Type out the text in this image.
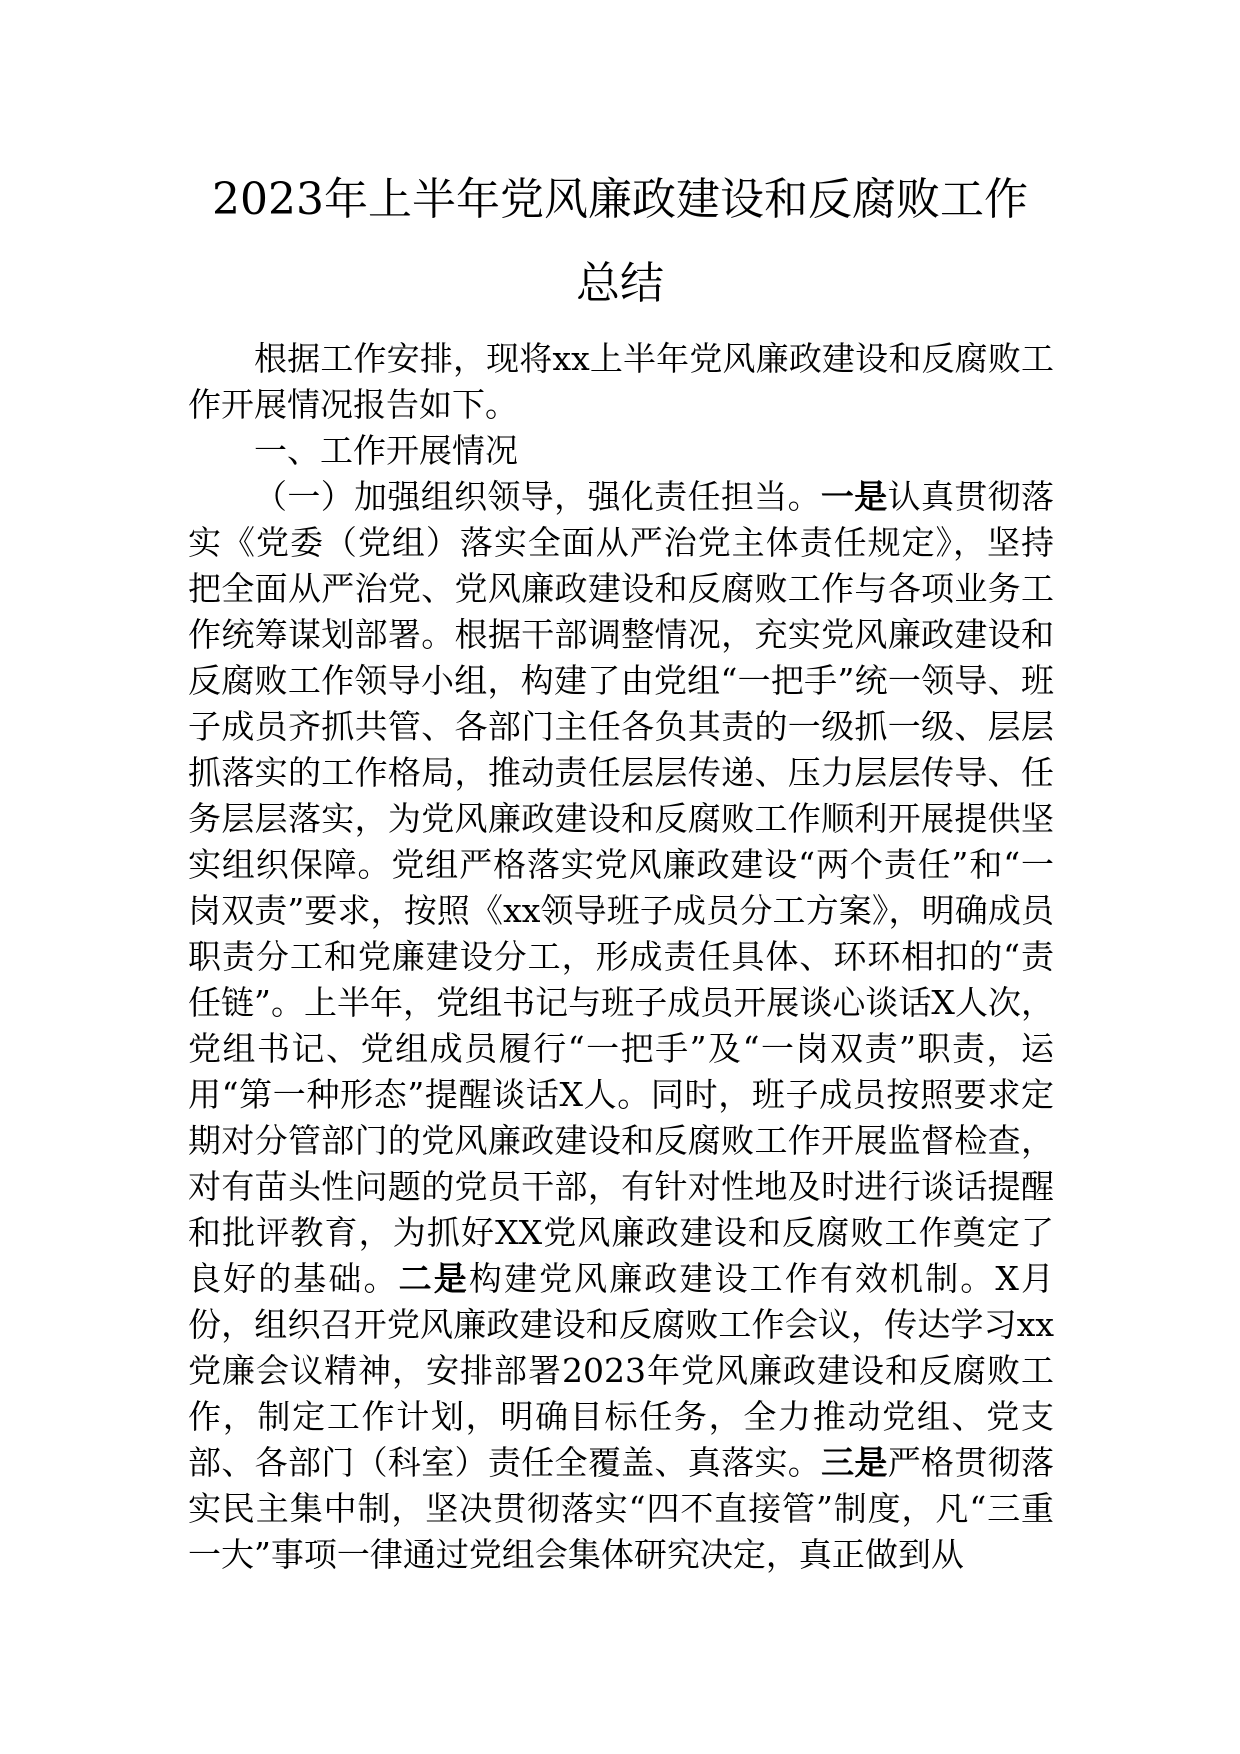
2023年上半年党风廉政建设和反腐败工作
总结

根据工作安排，现将xx上半年党风廉政建设和反腐败工作开展情况报告如下。

一、工作开展情况

（一）加强组织领导，强化责任担当。一是认真贯彻落实《党委（党组）落实全面从严治党主体责任规定》，坚持把全面从严治党、党风廉政建设和反腐败工作与各项业务工作统筹谋划部署。根据干部调整情况，充实党风廉政建设和反腐败工作领导小组，构建了由党组“一把手”统一领导、班子成员齐抓共管、各部门主任各负其责的一级抓一级、层层抓落实的工作格局，推动责任层层传递、压力层层传导、任务层层落实，为党风廉政建设和反腐败工作顺利开展提供坚实组织保障。党组严格落实党风廉政建设“两个责任”和“一岗双责”要求，按照《xx领导班子成员分工方案》，明确成员职责分工和党廉建设分工，形成责任具体、环环相扣的“责任链”。上半年，党组书记与班子成员开展谈心谈话X人次，党组书记、党组成员履行“一把手”及“一岗双责”职责，运用“第一种形态”提醒谈话X人。同时，班子成员按照要求定期对分管部门的党风廉政建设和反腐败工作开展监督检查，对有苗头性问题的党员干部，有针对性地及时进行谈话提醒和批评教育，为抓好XX党风廉政建设和反腐败工作奠定了良好的基础。二是构建党风廉政建设工作有效机制。X月份，组织召开党风廉政建设和反腐败工作会议，传达学习xx党廉会议精神，安排部署2023年党风廉政建设和反腐败工作，制定工作计划，明确目标任务，全力推动党组、党支部、各部门（科室）责任全覆盖、真落实。三是严格贯彻落实民主集中制，坚决贯彻落实“四不直接管”制度，凡“三重一大”事项一律通过党组会集体研究决定，真正做到从
